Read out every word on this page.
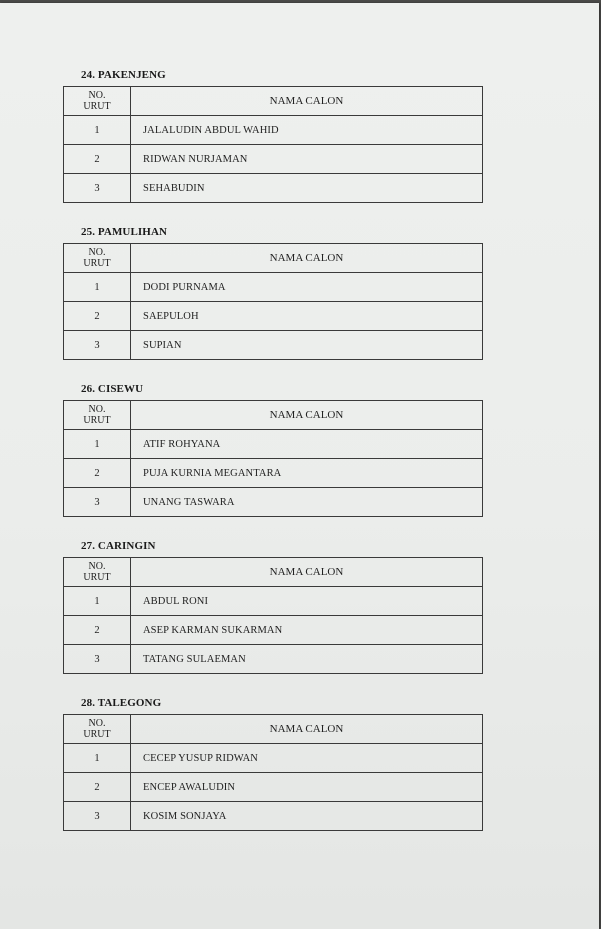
24. PAKENJENG
NO.
URUT	NAMA CALON
1	JALALUDIN ABDUL WAHID
2	RIDWAN NURJAMAN
3	SEHABUDIN
25. PAMULIHAN
NO.
URUT	NAMA CALON
1	DODI PURNAMA
2	SAEPULOH
3	SUPIAN
26. CISEWU
NO.
URUT	NAMA CALON
1	ATIF ROHYANA
2	PUJA KURNIA MEGANTARA
3	UNANG TASWARA
27. CARINGIN
NO.
URUT	NAMA CALON
1	ABDUL RONI
2	ASEP KARMAN SUKARMAN
3	TATANG SULAEMAN
28. TALEGONG
NO.
URUT	NAMA CALON
1	CECEP YUSUP RIDWAN
2	ENCEP AWALUDIN
3	KOSIM SONJAYA
